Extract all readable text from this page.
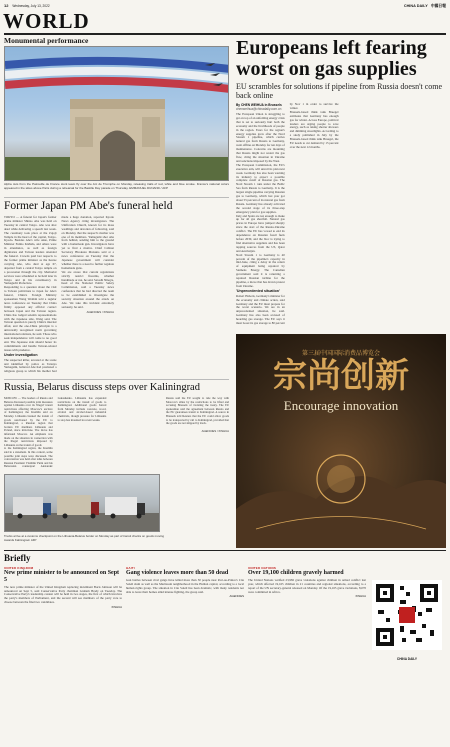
12 Wednesday, July 13, 2022	CHINA DAILY 中國日報
WORLD
Monumental performance
Alpha Jets from the Patrouille de France stunt team fly over the Arc de Triomphe on Monday, releasing trails of red, white and blue smoke. France's national colors appeared in the skies above Paris during a rehearsal for the Bastille Day parade on Thursday. EMMANUEL DUNAND / AFP
Former Japan PM Abe's funeral held

TOKYO — A funeral for Japan's former prime minister Shinzo Abe was held on Tuesday in central Tokyo. Abe was shot dead while delivering a speech last week. The ceremony took place at the Zojoji Temple in the heart of the capital, Tokyo. Kyodo. Besides Abe's wife Akie, Prime Minister Fumio Kishida, and others were in attendance, as well as foreign dignitaries and Taiwan leaders attended the funeral. Crowds paid last respects to the former prime minister as the hearse carrying Abe, who died at age 67, departed from a central Tokyo temple on a procession through the city. Memorial services were scheduled to be held later in Tokyo and in his constituency in Yamaguchi Prefecture.

Responding to a question about the visit to Taiwan politicians to Japan for Abe's funeral, China's Foreign Ministry spokesman Wang Wenbin told a regular news conference on Tuesday that China firmly opposed any official contact between Japan and the Taiwan region. China has lodged solemn representations with the Japanese side, Wang said. The Taiwan question is purely China's internal affair, and the one-China principle is a universally recognized norm governing international relations, he said. Those who seek independence will come to no good end. The Japanese side should honor its commitments and handle Taiwan-related issues with prudence.

Under investigation

The suspected killer, arrested at the scene and identified by police as Tetsuya Yamagami, believed Abe had promoted a religious group to which his mother had made a huge donation, reported Kyodo News Agency citing investigators. The Unification Church, known for its mass weddings and devotion of following, said on Monday that the suspect's mother was one of its members. Yamagami shot Abe from behind, sending him to the ground with a homemade gun. Investigators have yet to find a motive. Chief Cabinet Secretary Hirokazu Matsuno said at a news conference on Tuesday that the Japanese government will consider whether there is a need to further regulate homemade guns.

We are aware that current regulations strictly restrict firearms, whether handmade or not, he said. Satoshi Ninoyu, head of the National Public Safety Commission, said a Tuesday news conference that he had directed the team to be established to investigate the security situation around the attack on Abe. We take this incident extremely seriously, he said.

AGENCIES / XINHUA

Russia, Belarus discuss steps over Kaliningrad

MOSCOW — The leaders of Russia and Belarus discussed possible joint measures against Lithuania over its 'illegal' transit restrictions affecting Moscow's exclave of Kaliningrad, the Kremlin said on Monday. Lithuania banned the transit of goods sanctioned by the EU to Kaliningrad, a Russian region that borders EU members Lithuania and Poland, since mid-June. The move has infuriated Moscow. An emphasis was made on the situation in connection with the illegal restrictions imposed by Lithuania on the transit of goods

to the Kaliningrad region, the Kremlin said in a statement. In this context, some possible joint steps were discussed. The conversation was held after talks between Russian President Vladimir Putin and his Belarusian counterpart Alexander Lukashenko. Lithuania has expanded restrictions on the transit of goods to Kaliningrad. Additional goods barred from Monday include concrete, wood, alcohol and alcohol-based industrial chemicals, though pressure for Lithuania to stop has mounted in recent weeks.

Russia said the EU sought to rule the way with Moscow's allies by the restrictions to be lifted and accusing Brussels of violating the treaty. The EU spokesman said the agreement between Russia and the EU guarantees transit to Kaliningrad. A source in Brussels told Reuters that the EU could allow goods to be transported by rail to Kaliningrad, provided that the goods are not shipped by truck.

AGENCIES / XINHUA

Trucks arrive at a customs checkpoint on the Lithuania-Belarus border on Monday as part of transit checks on goods moving towards Kaliningrad. AFP
Europeans left fearing worst on gas supplies
EU scrambles for solutions if pipeline from Russia doesn't come back online

By CHEN WEIHUA in Brussels

chenweihua@chinadaily.com.cn

The European Union is struggling to get on top of an unfolding energy crisis that is set to seriously hurt both the economy and the livelihoods of people in the region. Fears for the region's energy supplies grew after the Nord Stream 1 pipeline, which carries natural gas from Russia to Germany, went offline on Monday for ten days of maintenance. Concerns are mounting that Russia might not restart the gas flow, citing the situation in Ukraine and sanctions imposed by the West.

The European Commission, the EU's executive arm, will unveil its plan next week. Germany has also been warning its industry to expect a possible complete cutoff of Russian gas. The Nord Stream 1 runs under the Baltic Sea from Russia to Germany. It is the largest single pipeline carrying Russian gas to Germany, which last year got about 55 percent of its natural gas from Russia. Germany has already activated the second stage of its three-step emergency plan for gas supplies.

Italy and Spain are not enough to make up for all gas shortfall. Natural gas prices in Europe have jumped sharply since the start of the Russia-Ukraine conflict. The EU has vowed to end its dependence on Russian fossil fuels before 2030, and the bloc is trying to find alternative suppliers and has been tapping sources from the US, Qatar and Azerbaijan.

Nord Stream 1 to Germany is 40 percent of the pipeline's capacity in mid-June, citing a delay in the return of equipment being repaired by Siemens Energy. The Canadian government said it is returning a repaired Russian turbine for the pipeline, a move that has drawn protest from Ukraine.

'Unprecedented situation'

Robert Habeck, Germany's minister for the economy and climate action, said Germany and the EU must prepare for the worst scenario. We are in an unprecedented situation, he said. Germany has also been accused of hoarding gas storage. The EU says it must boost its gas storage to 80 percent by Nov 1 in order to survive the winter.

Brussels-based think tank Bruegel estimates that Germany has enough gas for winter. Across Europe, political leaders are urging people to save energy, such as taking shorter showers and dimming streetlights. According to a study published in July by the Brussels-based think tank Bruegel, the EU needs to cut demand by 15 percent over the next 12 months.

第三届中国国际消费品博览会
宗尚创新
Encourage innovation
Briefly
UNITED KINGDOM
New prime minister to be announced on Sept 5

The new prime minister of the United Kingdom replacing incumbent Boris Johnson will be announced on Sept 5, said Conservative Party chairman Graham Brady on Tuesday. The Conservative Party's leadership contest will be held in two stages, the first of which involves the party's members of Parliament, and the second will see members of the party vote to choose between the final two candidates.

XINHUA

HAITI
Gang violence leaves more than 50 dead

Gun battles between rival gangs have killed more than 50 people near Port-au-Prince's Cite Soleil slum as well as the Martissant neighborhood in the Haitian capital, according to a local human rights group. The situation in Cite Soleil has been dramatic, with many residents not able to leave their homes amid intense fighting, the group said.

AGENCIES

UNITED NATIONS
Over 19,100 children gravely harmed

The United Nations verified 23,982 grave violations against children in armed conflict last year, which affected 19,165 children in 21 countries and regional situations, according to a report of the UN secretary-general released on Monday. Of the 19,165 grave violations, 8,070 were committed in Africa.

XINHUA

CHINA DAILY
